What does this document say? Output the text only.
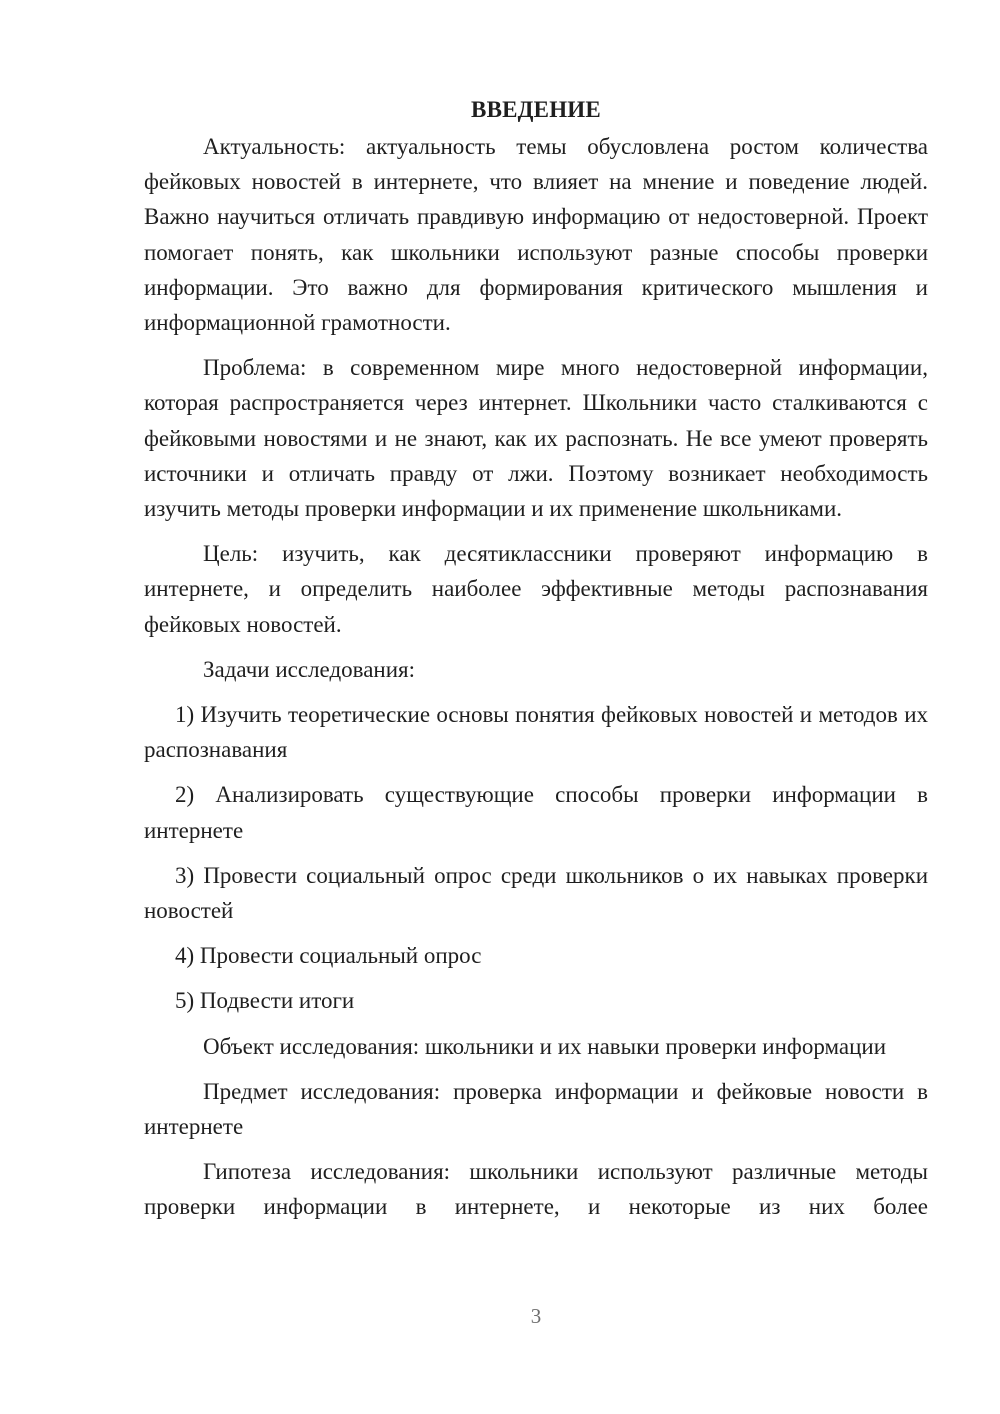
ВВЕДЕНИЕ

Актуальность: актуальность темы обусловлена ростом количества фейковых новостей в интернете, что влияет на мнение и поведение людей. Важно научиться отличать правдивую информацию от недостоверной. Проект помогает понять, как школьники используют разные способы проверки информации. Это важно для формирования критического мышления и информационной грамотности.

Проблема: в современном мире много недостоверной информации, которая распространяется через интернет. Школьники часто сталкиваются с фейковыми новостями и не знают, как их распознать. Не все умеют проверять источники и отличать правду от лжи. Поэтому возникает необходимость изучить методы проверки информации и их применение школьниками.

Цель: изучить, как десятиклассники проверяют информацию в интернете, и определить наиболее эффективные методы распознавания фейковых новостей.

Задачи исследования:

1) Изучить теоретические основы понятия фейковых новостей и методов их распознавания

2) Анализировать существующие способы проверки информации в интернете

3) Провести социальный опрос среди школьников о их навыках проверки новостей

4) Провести социальный опрос

5) Подвести итоги

Объект исследования: школьники и их навыки проверки информации

Предмет исследования: проверка информации и фейковые новости в интернете

Гипотеза исследования: школьники используют различные методы проверки информации в интернете, и некоторые из них более

3
